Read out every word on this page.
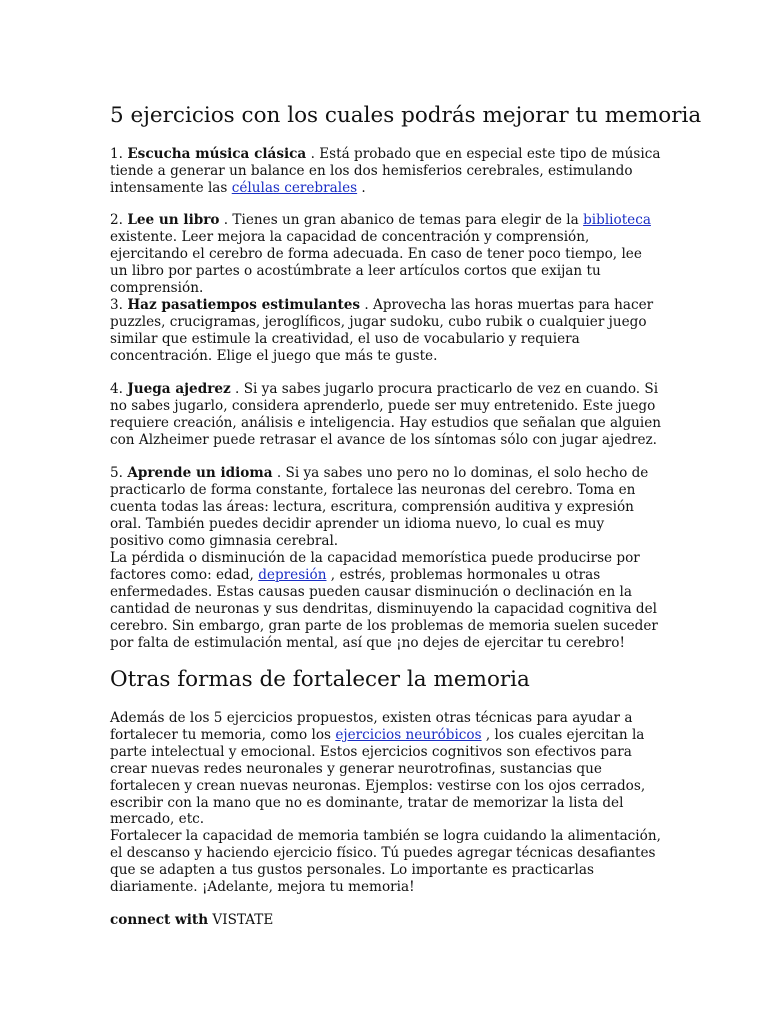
5 ejercicios con los cuales podrás mejorar tu memoria

1. Escucha música clásica . Está probado que en especial este tipo de música tiende a generar un balance en los dos hemisferios cerebrales, estimulando intensamente las células cerebrales .

2. Lee un libro . Tienes un gran abanico de temas para elegir de la biblioteca existente. Leer mejora la capacidad de concentración y comprensión, ejercitando el cerebro de forma adecuada. En caso de tener poco tiempo, lee un libro por partes o acostúmbrate a leer artículos cortos que exijan tu comprensión.

3. Haz pasatiempos estimulantes . Aprovecha las horas muertas para hacer puzzles, crucigramas, jeroglíficos, jugar sudoku, cubo rubik o cualquier juego similar que estimule la creatividad, el uso de vocabulario y requiera concentración. Elige el juego que más te guste.

4. Juega ajedrez . Si ya sabes jugarlo procura practicarlo de vez en cuando. Si no sabes jugarlo, considera aprenderlo, puede ser muy entretenido. Este juego requiere creación, análisis e inteligencia. Hay estudios que señalan que alguien con Alzheimer puede retrasar el avance de los síntomas sólo con jugar ajedrez.

5. Aprende un idioma . Si ya sabes uno pero no lo dominas, el solo hecho de practicarlo de forma constante, fortalece las neuronas del cerebro. Toma en cuenta todas las áreas: lectura, escritura, comprensión auditiva y expresión oral. También puedes decidir aprender un idioma nuevo, lo cual es muy positivo como gimnasia cerebral.

La pérdida o disminución de la capacidad memorística puede producirse por factores como: edad, depresión , estrés, problemas hormonales u otras enfermedades. Estas causas pueden causar disminución o declinación en la cantidad de neuronas y sus dendritas, disminuyendo la capacidad cognitiva del cerebro. Sin embargo, gran parte de los problemas de memoria suelen suceder por falta de estimulación mental, así que ¡no dejes de ejercitar tu cerebro!

Otras formas de fortalecer la memoria

Además de los 5 ejercicios propuestos, existen otras técnicas para ayudar a fortalecer tu memoria, como los ejercicios neuróbicos , los cuales ejercitan la parte intelectual y emocional. Estos ejercicios cognitivos son efectivos para crear nuevas redes neuronales y generar neurotrofinas, sustancias que fortalecen y crean nuevas neuronas. Ejemplos: vestirse con los ojos cerrados, escribir con la mano que no es dominante, tratar de memorizar la lista del mercado, etc.

Fortalecer la capacidad de memoria también se logra cuidando la alimentación, el descanso y haciendo ejercicio físico. Tú puedes agregar técnicas desafiantes que se adapten a tus gustos personales. Lo importante es practicarlas diariamente. ¡Adelante, mejora tu memoria!

connect with VISTATE
